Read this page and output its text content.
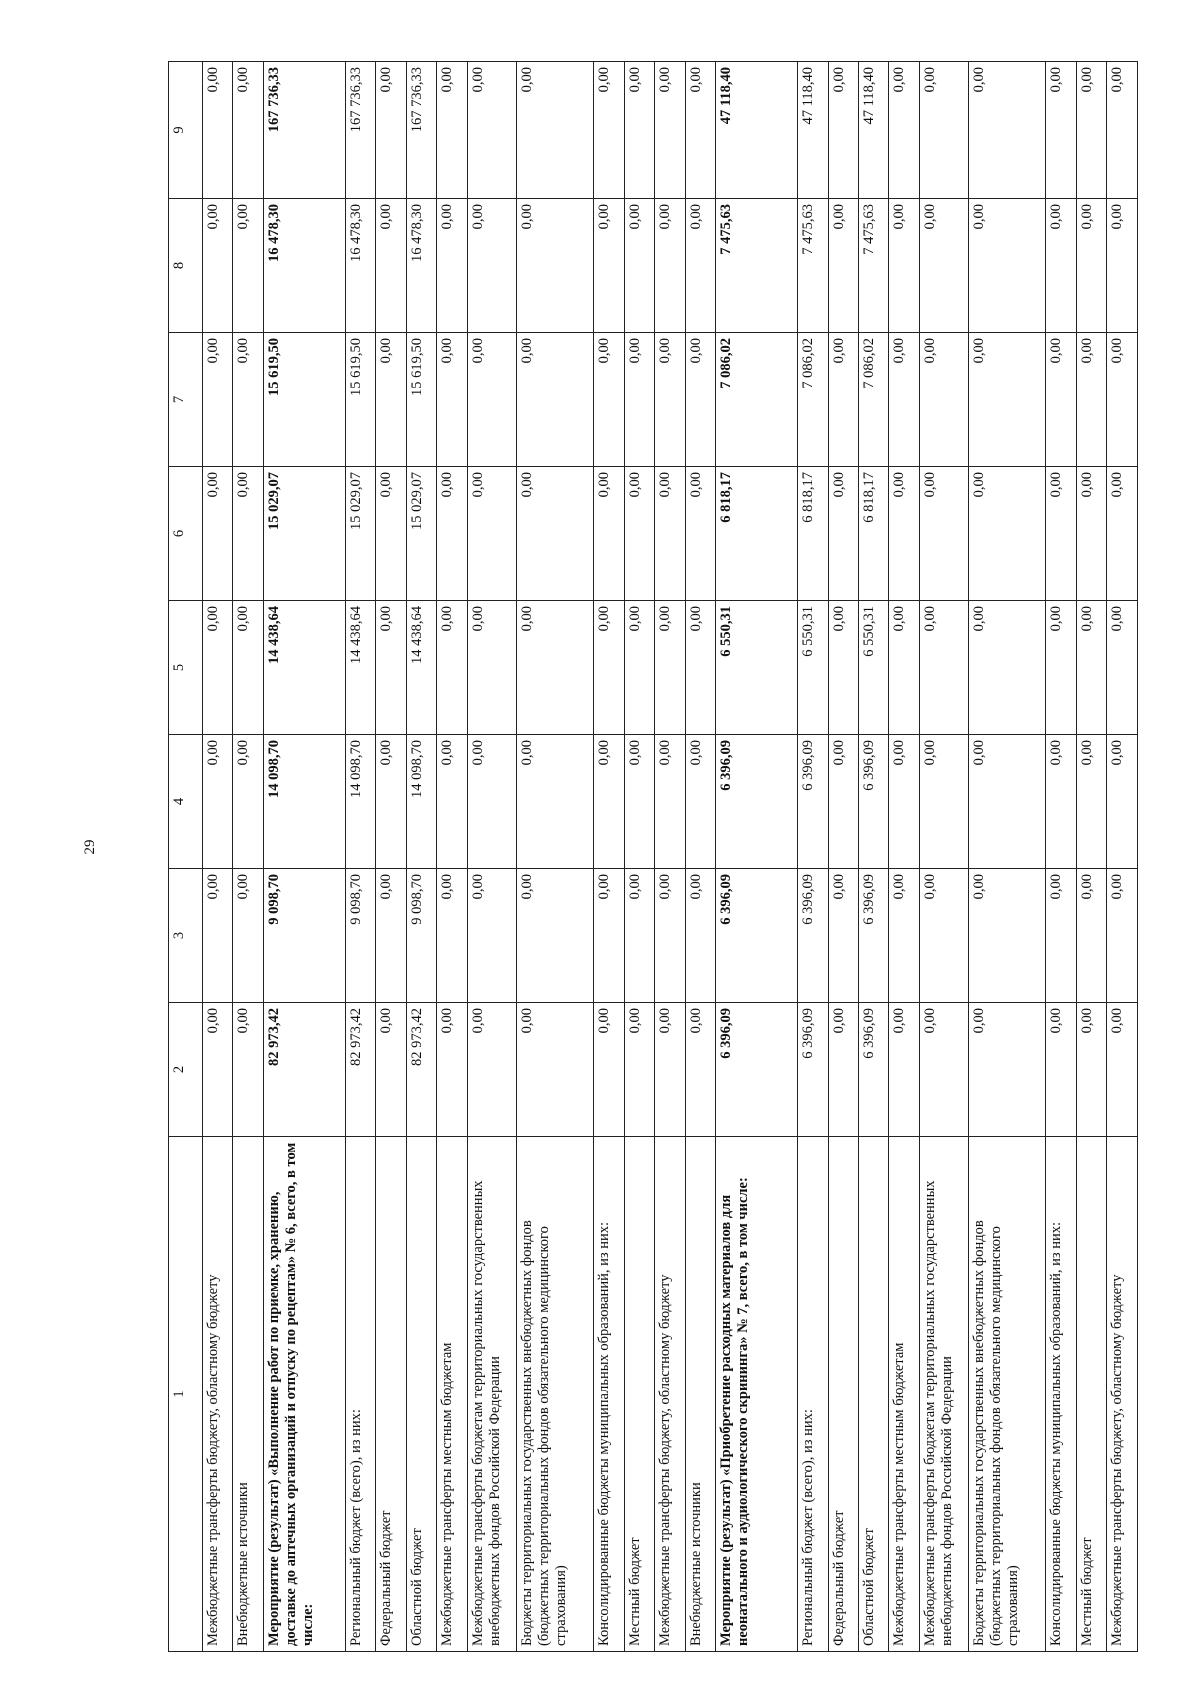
29
1	2	3	4	5	6	7	8	9
Межбюджетные трансферты бюджету, областному бюджету	0,00	0,00	0,00	0,00	0,00	0,00	0,00	0,00
Внебюджетные источники	0,00	0,00	0,00	0,00	0,00	0,00	0,00	0,00
Мероприятие (результат) «Выполнение работ по приемке, хранению, доставке до аптечных организаций и отпуску по рецептам» № 6, всего, в том числе:	82 973,42	9 098,70	14 098,70	14 438,64	15 029,07	15 619,50	16 478,30	167 736,33
Региональный бюджет (всего), из них:	82 973,42	9 098,70	14 098,70	14 438,64	15 029,07	15 619,50	16 478,30	167 736,33
Федеральный бюджет	0,00	0,00	0,00	0,00	0,00	0,00	0,00	0,00
Областной бюджет	82 973,42	9 098,70	14 098,70	14 438,64	15 029,07	15 619,50	16 478,30	167 736,33
Межбюджетные трансферты местным бюджетам	0,00	0,00	0,00	0,00	0,00	0,00	0,00	0,00
Межбюджетные трансферты бюджетам территориальных государственных внебюджетных фондов Российской Федерации	0,00	0,00	0,00	0,00	0,00	0,00	0,00	0,00
Бюджеты территориальных государственных внебюджетных фондов (бюджетных территориальных фондов обязательного медицинского страхования)	0,00	0,00	0,00	0,00	0,00	0,00	0,00	0,00
Консолидированные бюджеты муниципальных образований, из них:	0,00	0,00	0,00	0,00	0,00	0,00	0,00	0,00
Местный бюджет	0,00	0,00	0,00	0,00	0,00	0,00	0,00	0,00
Межбюджетные трансферты бюджету, областному бюджету	0,00	0,00	0,00	0,00	0,00	0,00	0,00	0,00
Внебюджетные источники	0,00	0,00	0,00	0,00	0,00	0,00	0,00	0,00
Мероприятие (результат) «Приобретение расходных материалов для неонатального и аудиологического скрининга» № 7, всего, в том числе:	6 396,09	6 396,09	6 396,09	6 550,31	6 818,17	7 086,02	7 475,63	47 118,40
Региональный бюджет (всего), из них:	6 396,09	6 396,09	6 396,09	6 550,31	6 818,17	7 086,02	7 475,63	47 118,40
Федеральный бюджет	0,00	0,00	0,00	0,00	0,00	0,00	0,00	0,00
Областной бюджет	6 396,09	6 396,09	6 396,09	6 550,31	6 818,17	7 086,02	7 475,63	47 118,40
Межбюджетные трансферты местным бюджетам	0,00	0,00	0,00	0,00	0,00	0,00	0,00	0,00
Межбюджетные трансферты бюджетам территориальных государственных внебюджетных фондов Российской Федерации	0,00	0,00	0,00	0,00	0,00	0,00	0,00	0,00
Бюджеты территориальных государственных внебюджетных фондов (бюджетных территориальных фондов обязательного медицинского страхования)	0,00	0,00	0,00	0,00	0,00	0,00	0,00	0,00
Консолидированные бюджеты муниципальных образований, из них:	0,00	0,00	0,00	0,00	0,00	0,00	0,00	0,00
Местный бюджет	0,00	0,00	0,00	0,00	0,00	0,00	0,00	0,00
Межбюджетные трансферты бюджету, областному бюджету	0,00	0,00	0,00	0,00	0,00	0,00	0,00	0,00
